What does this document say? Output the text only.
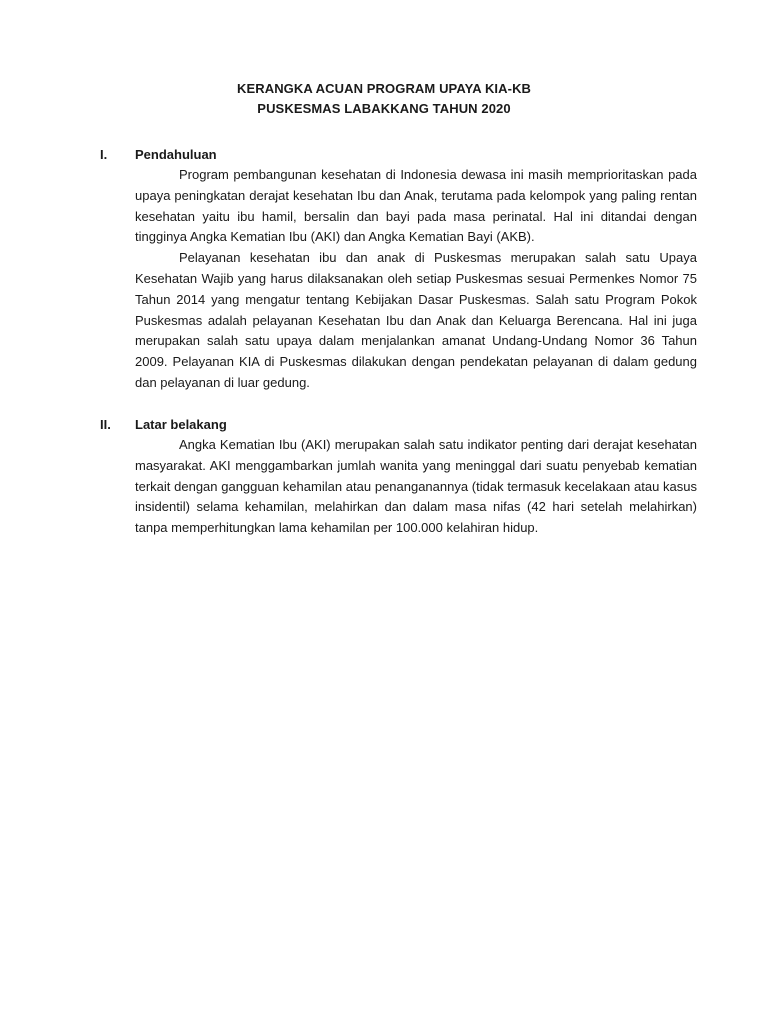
KERANGKA ACUAN PROGRAM UPAYA KIA-KB
PUSKESMAS LABAKKANG TAHUN 2020
I. Pendahuluan

Program pembangunan kesehatan di Indonesia dewasa ini masih memprioritaskan pada upaya peningkatan derajat kesehatan Ibu dan Anak, terutama pada kelompok yang paling rentan kesehatan yaitu ibu hamil, bersalin dan bayi pada masa perinatal. Hal ini ditandai dengan tingginya Angka Kematian Ibu (AKI) dan Angka Kematian Bayi (AKB).

Pelayanan kesehatan ibu dan anak di Puskesmas merupakan salah satu Upaya Kesehatan Wajib yang harus dilaksanakan oleh setiap Puskesmas sesuai Permenkes Nomor 75 Tahun 2014 yang mengatur tentang Kebijakan Dasar Puskesmas. Salah satu Program Pokok Puskesmas adalah pelayanan Kesehatan Ibu dan Anak dan Keluarga Berencana. Hal ini juga merupakan salah satu upaya dalam menjalankan amanat Undang-Undang Nomor 36 Tahun 2009. Pelayanan KIA di Puskesmas dilakukan dengan pendekatan pelayanan di dalam gedung dan pelayanan di luar gedung.

II. Latar belakang

Angka Kematian Ibu (AKI) merupakan salah satu indikator penting dari derajat kesehatan masyarakat. AKI menggambarkan jumlah wanita yang meninggal dari suatu penyebab kematian terkait dengan gangguan kehamilan atau penanganannya (tidak termasuk kecelakaan atau kasus insidentil) selama kehamilan, melahirkan dan dalam masa nifas (42 hari setelah melahirkan) tanpa memperhitungkan lama kehamilan per 100.000 kelahiran hidup.
